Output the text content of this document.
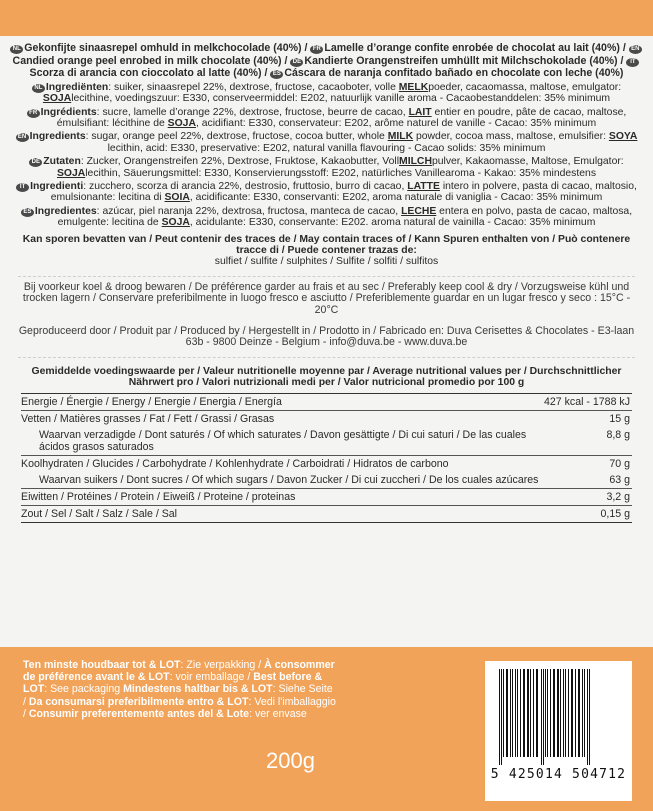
NL Gekonfijte sinaasrepel omhuld in melkchocolade (40%) / FR Lamelle d’orange confite enrobée de chocolat au lait (40%) / ENCandied orange peel enrobed in milk chocolate (40%) / DE Kandierte Orangenstreifen umhüllt mit Milchschokolade (40%) / ITScorza di arancia con cioccolato al latte (40%) / ES Cáscara de naranja confitado bañado en chocolate con leche (40%)
NL Ingrediënten: suiker, sinaasrepel 22%, dextrose, fructose, cacaoboter, volle MELKpoeder, cacaomassa, maltose, emulgator: SOJAlecithine, voedingszuur: E330, conserveermiddel: E202, natuurlijk vanille aroma - Cacaobestanddelen: 35% minimum
FR Ingrédients: sucre, lamelle d’orange 22%, dextrose, fructose, beurre de cacao, LAIT entier en poudre, pâte de cacao, maltose, émulsifiant: lécithine de SOJA, acidifiant: E330, conservateur: E202, arôme naturel de vanille - Cacao: 35% minimum
EN Ingredients: sugar, orange peel 22%, dextrose, fructose, cocoa butter, whole MILK powder, cocoa mass, maltose, emulsifier: SOYA lecithin, acid: E330, preservative: E202, natural vanilla flavouring - Cacao solids: 35% minimum
DE Zutaten: Zucker, Orangenstreifen 22%, Dextrose, Fruktose, Kakaobutter, VollMILCHpulver, Kakaomasse, Maltose, Emulgator: SOJAlecithin, Säuerungsmittel: E330, Konservierungsstoff: E202, natürliches Vanillearoma - Kakao: 35% mindestens
IT Ingredienti: zucchero, scorza di arancia 22%, destrosio, fruttosio, burro di cacao, LATTE intero in polvere, pasta di cacao, maltosio, emulsionante: lecitina di SOIA, acidificante: E330, conservanti: E202, aroma naturale di vaniglia - Cacao: 35% minimum
ES Ingredientes: azúcar, piel naranja 22%, dextrosa, fructosa, manteca de cacao, LECHE entera en polvo, pasta de cacao, maltosa, emulgente: lecitina de SOJA, acidulante: E330, conservante: E202. aroma natural de vainilla - Cacao: 35% minimum
Kan sporen bevatten van / Peut contenir des traces de / May contain traces of / Kann Spuren enthalten von / Può contenere tracce di / Puede contener trazas de:
sulfiet / sulfite / sulphites / Sulfite / solfiti / sulfitos
Bij voorkeur koel & droog bewaren / De préférence garder au frais et au sec / Preferably keep cool & dry / Vorzugsweise kühl und trocken lagern / Conservare preferibilmente in luogo fresco e asciutto / Preferiblemente guardar en un lugar fresco y seco : 15°C - 20°C
Geproduceerd door / Produit par / Produced by / Hergestellt in / Prodotto in / Fabricado en: Duva Cerisettes & Chocolates - E3-laan 63b - 9800 Deinze - Belgium - info@duva.be - www.duva.be
Gemiddelde voedingswaarde per / Valeur nutritionelle moyenne par / Average nutritional values per / Durchschnittlicher Nährwert pro / Valori nutrizionali medi per / Valor nutricional promedio por 100 g
Energie / Énergie / Energy / Energie / Energia / Energía	427 kcal - 1788 kJ
Vetten / Matières grasses / Fat / Fett / Grassi / Grasas	15 g
Waarvan verzadigde / Dont saturés / Of which saturates / Davon gesättigte / Di cui saturi / De las cuales ácidos grasos saturados	8,8 g
Koolhydraten / Glucides / Carbohydrate / Kohlenhydrate / Carboidrati / Hidratos de carbono	70 g
Waarvan suikers / Dont sucres / Of which sugars / Davon Zucker / Di cui zuccheri / De los cuales azúcares	63 g
Eiwitten / Protéines / Protein / Eiweiß / Proteine / proteinas	3,2 g
Zout / Sel / Salt / Salz / Sale / Sal	0,15 g
Ten minste houdbaar tot & LOT: Zie verpakking / À consommer de préférence avant le & LOT: voir emballage / Best before & LOT: See packaging Mindestens haltbar bis & LOT: Siehe Seite / Da consumarsi preferibilmente entro & LOT: Vedi l'imballaggio / Consumir preferentemente antes del & Lote: ver envase
200g
5 425014 504712
